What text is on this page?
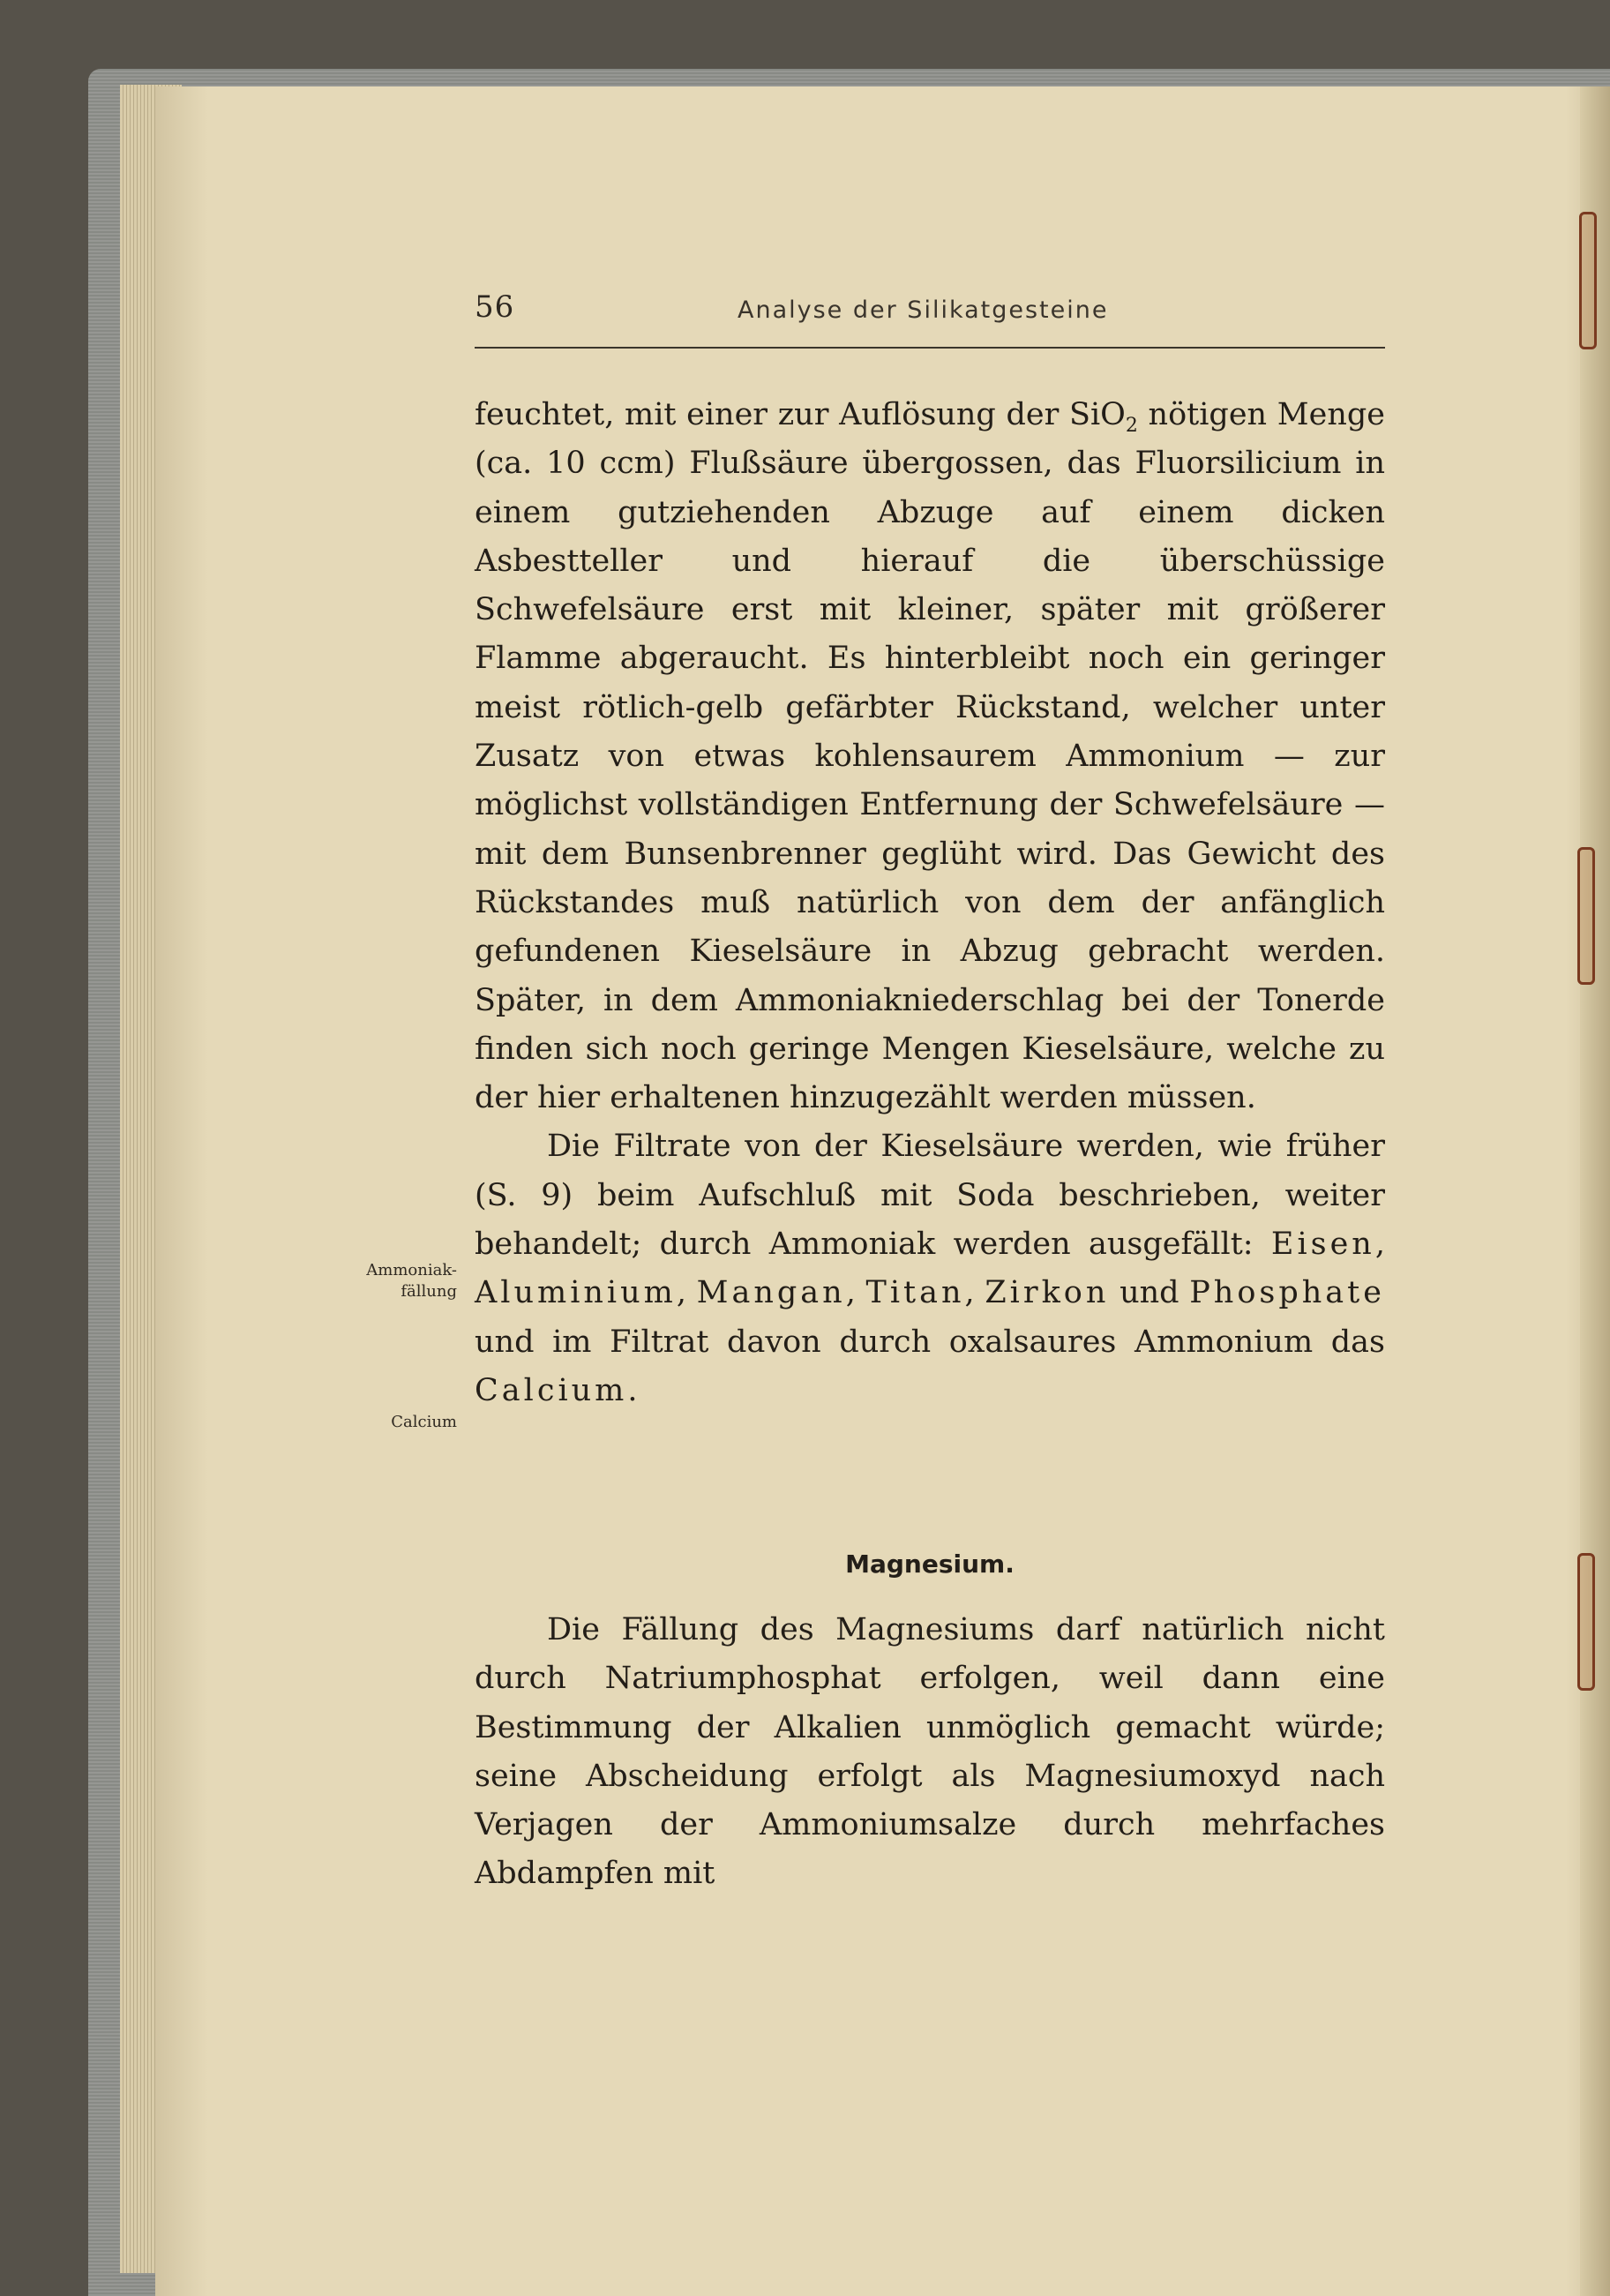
56	Analyse der Silikatgesteine

feuchtet, mit einer zur Auflösung der SiO$_2$ nötigen Menge (ca. 10 ccm) Flußsäure übergossen, das Fluorsilicium in einem gutziehenden Abzuge auf einem dicken Asbestteller und hierauf die überschüssige Schwefelsäure erst mit kleiner, später mit größerer Flamme abgeraucht. Es hinterbleibt noch ein geringer meist rötlich-gelb gefärbter Rückstand, welcher unter Zusatz von etwas kohlensaurem Ammonium — zur möglichst vollständigen Entfernung der Schwefelsäure — mit dem Bunsenbrenner geglüht wird. Das Gewicht des Rückstandes muß natürlich von dem der anfänglich gefundenen Kieselsäure in Abzug gebracht werden. Später, in dem Ammoniakniederschlag bei der Tonerde finden sich noch geringe Mengen Kieselsäure, welche zu der hier erhaltenen hinzugezählt werden müssen.

Die Filtrate von der Kieselsäure werden, wie früher (S. 9) beim Aufschluß mit Soda beschrieben, weiter behandelt; durch Ammoniak werden ausgefällt: Eisen, Aluminium, Mangan, Titan, Zirkon und Phosphate und im Filtrat davon durch oxalsaures Ammonium das Calcium.

Ammoniak-
fällung
Calcium
Magnesium.

Die Fällung des Magnesiums darf natürlich nicht durch Natriumphosphat erfolgen, weil dann eine Bestimmung der Alkalien unmöglich gemacht würde; seine Abscheidung erfolgt als Magnesiumoxyd nach Verjagen der Ammoniumsalze durch mehrfaches Abdampfen mit
